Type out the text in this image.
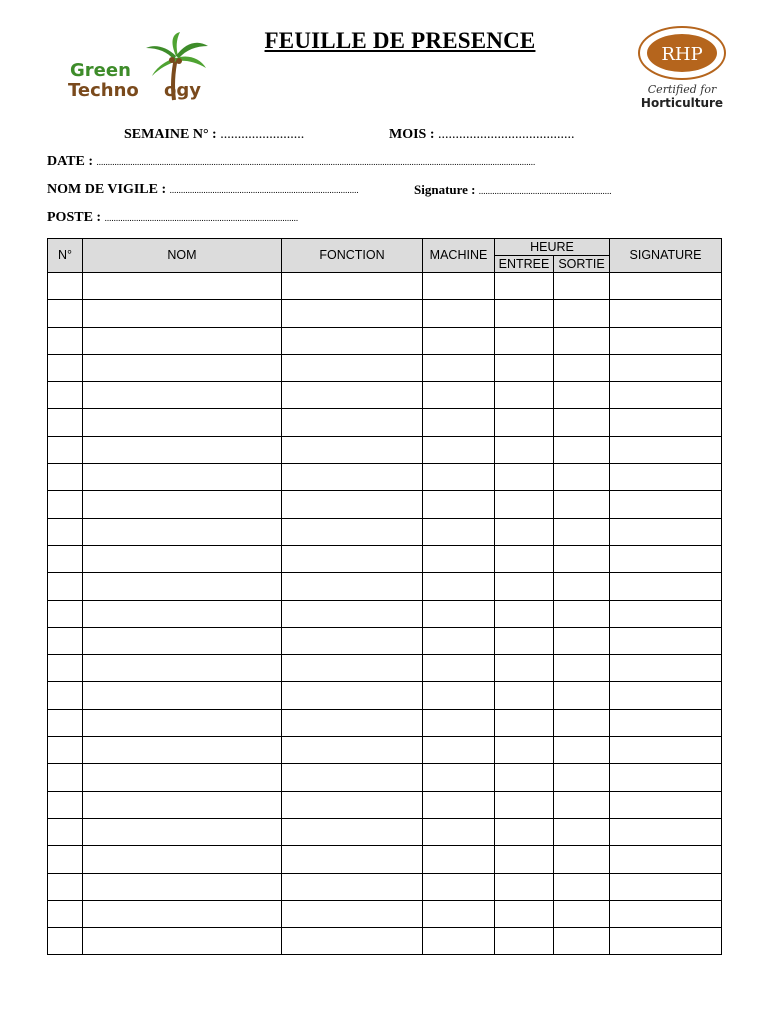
Green
Techno ogy
FEUILLE DE PRESENCE
RHP
Certified for
Horticulture
SEMAINE N° : ........................	MOIS : .......................................
DATE : ...................................................................................................................................................................................................
NOM DE VIGILE : ....................................................................................	Signature : ...........................................................
POSTE : ......................................................................................
N°	NOM	FONCTION	MACHINE	HEURE		SIGNATURE
				ENTREE	SORTIE	
